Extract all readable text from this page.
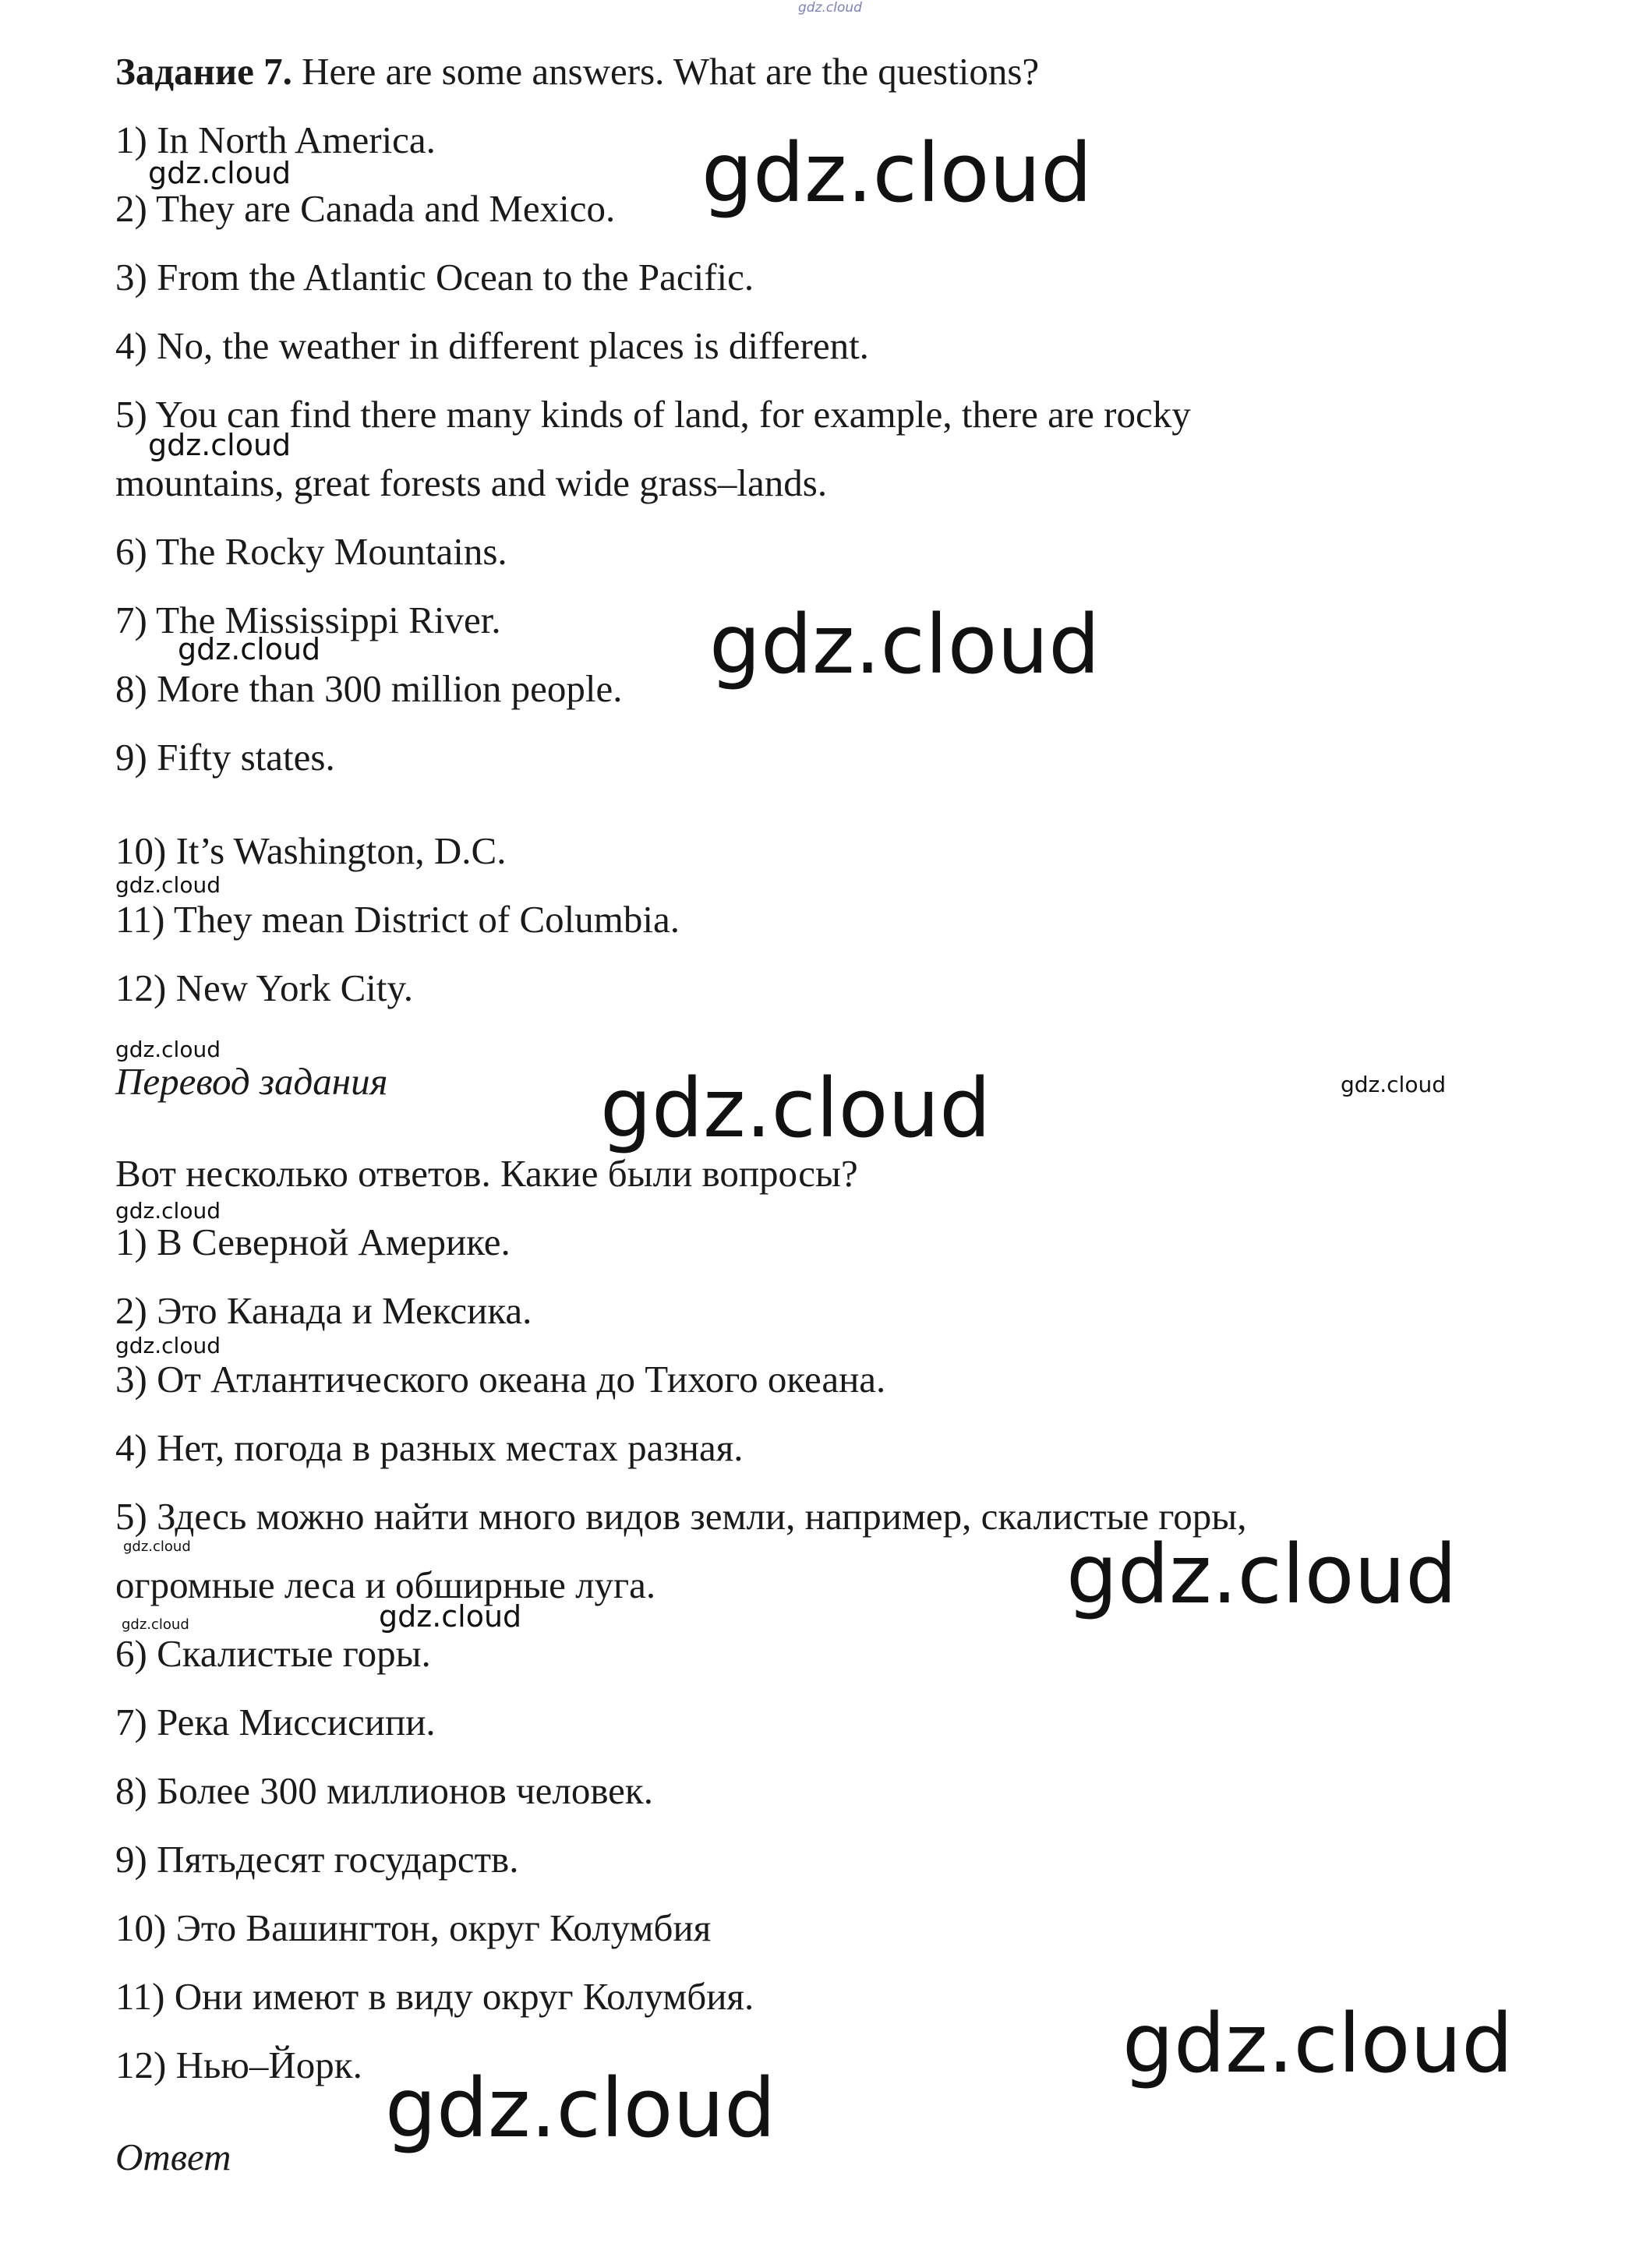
gdz.cloud
Задание 7. Here are some answers. What are the questions?
1) In North America.
2) They are Canada and Mexico.
3) From the Atlantic Ocean to the Pacific.
4) No, the weather in different places is different.
5) You can find there many kinds of land, for example, there are rocky
mountains, great forests and wide grass–lands.
6) The Rocky Mountains.
7) The Mississippi River.
8) More than 300 million people.
9) Fifty states.
10) It’s Washington, D.C.
11) They mean District of Columbia.
12) New York City.
Перевод задания
Вот несколько ответов. Какие были вопросы?
1) В Северной Америке.
2) Это Канада и Мексика.
3) От Атлантического океана до Тихого океана.
4) Нет, погода в разных местах разная.
5) Здесь можно найти много видов земли, например, скалистые горы,
огромные леса и обширные луга.
6) Скалистые горы.
7) Река Миссисипи.
8) Более 300 миллионов человек.
9) Пятьдесят государств.
10) Это Вашингтон, округ Колумбия
11) Они имеют в виду округ Колумбия.
12) Нью–Йорк.
Ответ
gdz.cloud
gdz.cloud
gdz.cloud
gdz.cloud
gdz.cloud
gdz.cloud
gdz.cloud
gdz.cloud
gdz.cloud
gdz.cloud
gdz.cloud
gdz.cloud	gdz.cloud
gdz.cloud	gdz.cloud
gdz.cloud
gdz.cloud
